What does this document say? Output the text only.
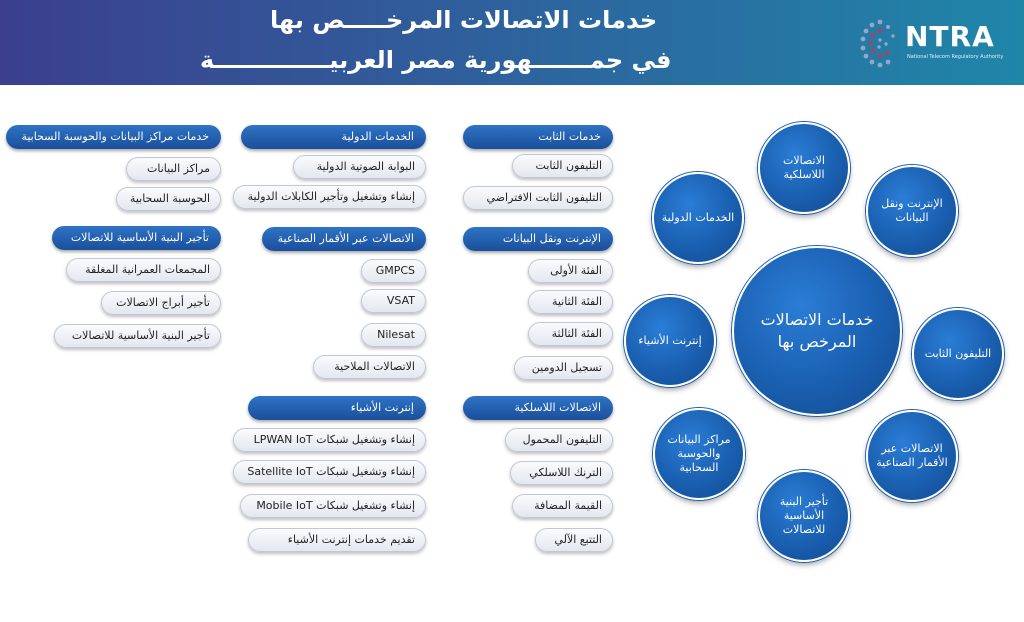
خدمات الاتصالات المرخـــــص بها
في جمـــــــهورية مصر العربيــــــــــــــة
NTRA
National Telecom Regulatory Authority
خدمات الثابت
التليفون الثابت
التليفون الثابت الافتراضي
الإنترنت ونقل البيانات
الفئة الأولى
الفئة الثانية
الفئة الثالثة
تسجيل الدومين
الاتصالات اللاسلكية
التليفون المحمول
الترنك اللاسلكي
القيمة المضافة
التتبع الآلي
الخدمات الدولية
البوابة الصوتية الدولية
إنشاء وتشغيل وتأجير الكابلات الدولية
الاتصالات عبر الأقمار الصناعية
GMPCS
VSAT
Nilesat
الاتصالات الملاحية
إنترنت الأشياء
إنشاء وتشغيل شبكات LPWAN IoT
إنشاء وتشغيل شبكات Satellite IoT
إنشاء وتشغيل شبكات Mobile IoT
تقديم خدمات إنترنت الأشياء
خدمات مراكز البيانات والحوسبة السحابية
مراكز البيانات
الحوسبة السحابية
تأجير البنية الأساسية للاتصالات
المجمعات العمرانية المغلقة
تأجير أبراج الاتصالات
تأجير البنية الأساسية للاتصالات
خدمات الاتصالات المرخص بها
الاتصالات اللاسلكية
الإنترنت ونقل البيانات
التليفون الثابت
الاتصالات عبر الأقمار الصناعية
تأجير البنية الأساسية للاتصالات
مراكز البيانات والحوسبة السحابية
إنترنت الأشياء
الخدمات الدولية
